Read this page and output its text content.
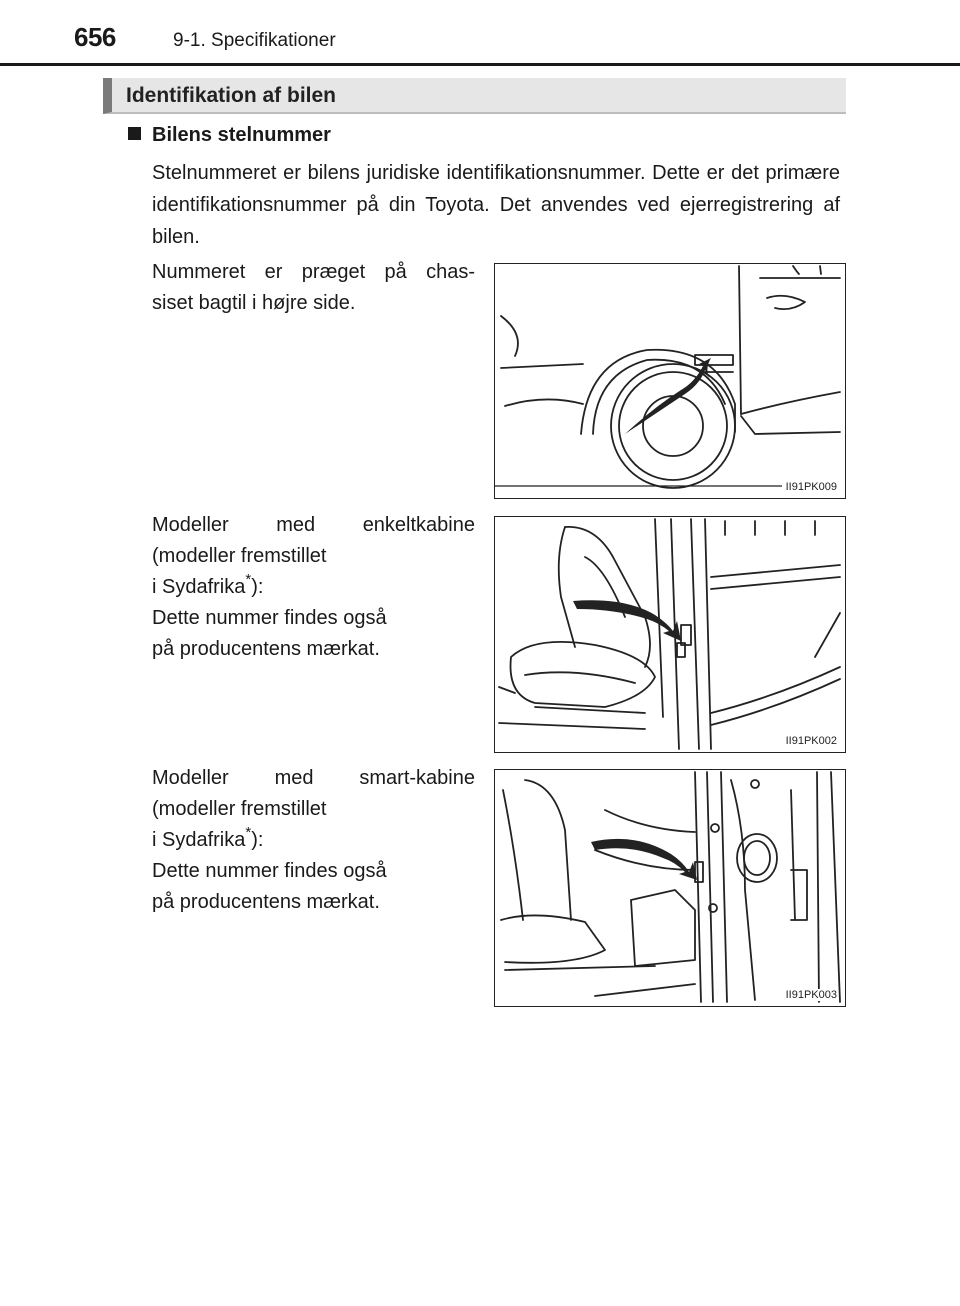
656	9-1. Specifikationer
Identifikation af bilen
Bilens stelnummer
Stelnummeret er bilens juridiske identifikationsnummer. Dette er det primære identifikationsnummer på din Toyota. Det anvendes ved ejerregistrering af bilen.
Nummeret er præget på chas-
siset bagtil i højre side.
II91PK009
Modeller med enkeltkabine
(modeller fremstillet
i Sydafrika*):
Dette nummer findes også
på producentens mærkat.
II91PK002
Modeller med smart-kabine
(modeller fremstillet
i Sydafrika*):
Dette nummer findes også
på producentens mærkat.
II91PK003
